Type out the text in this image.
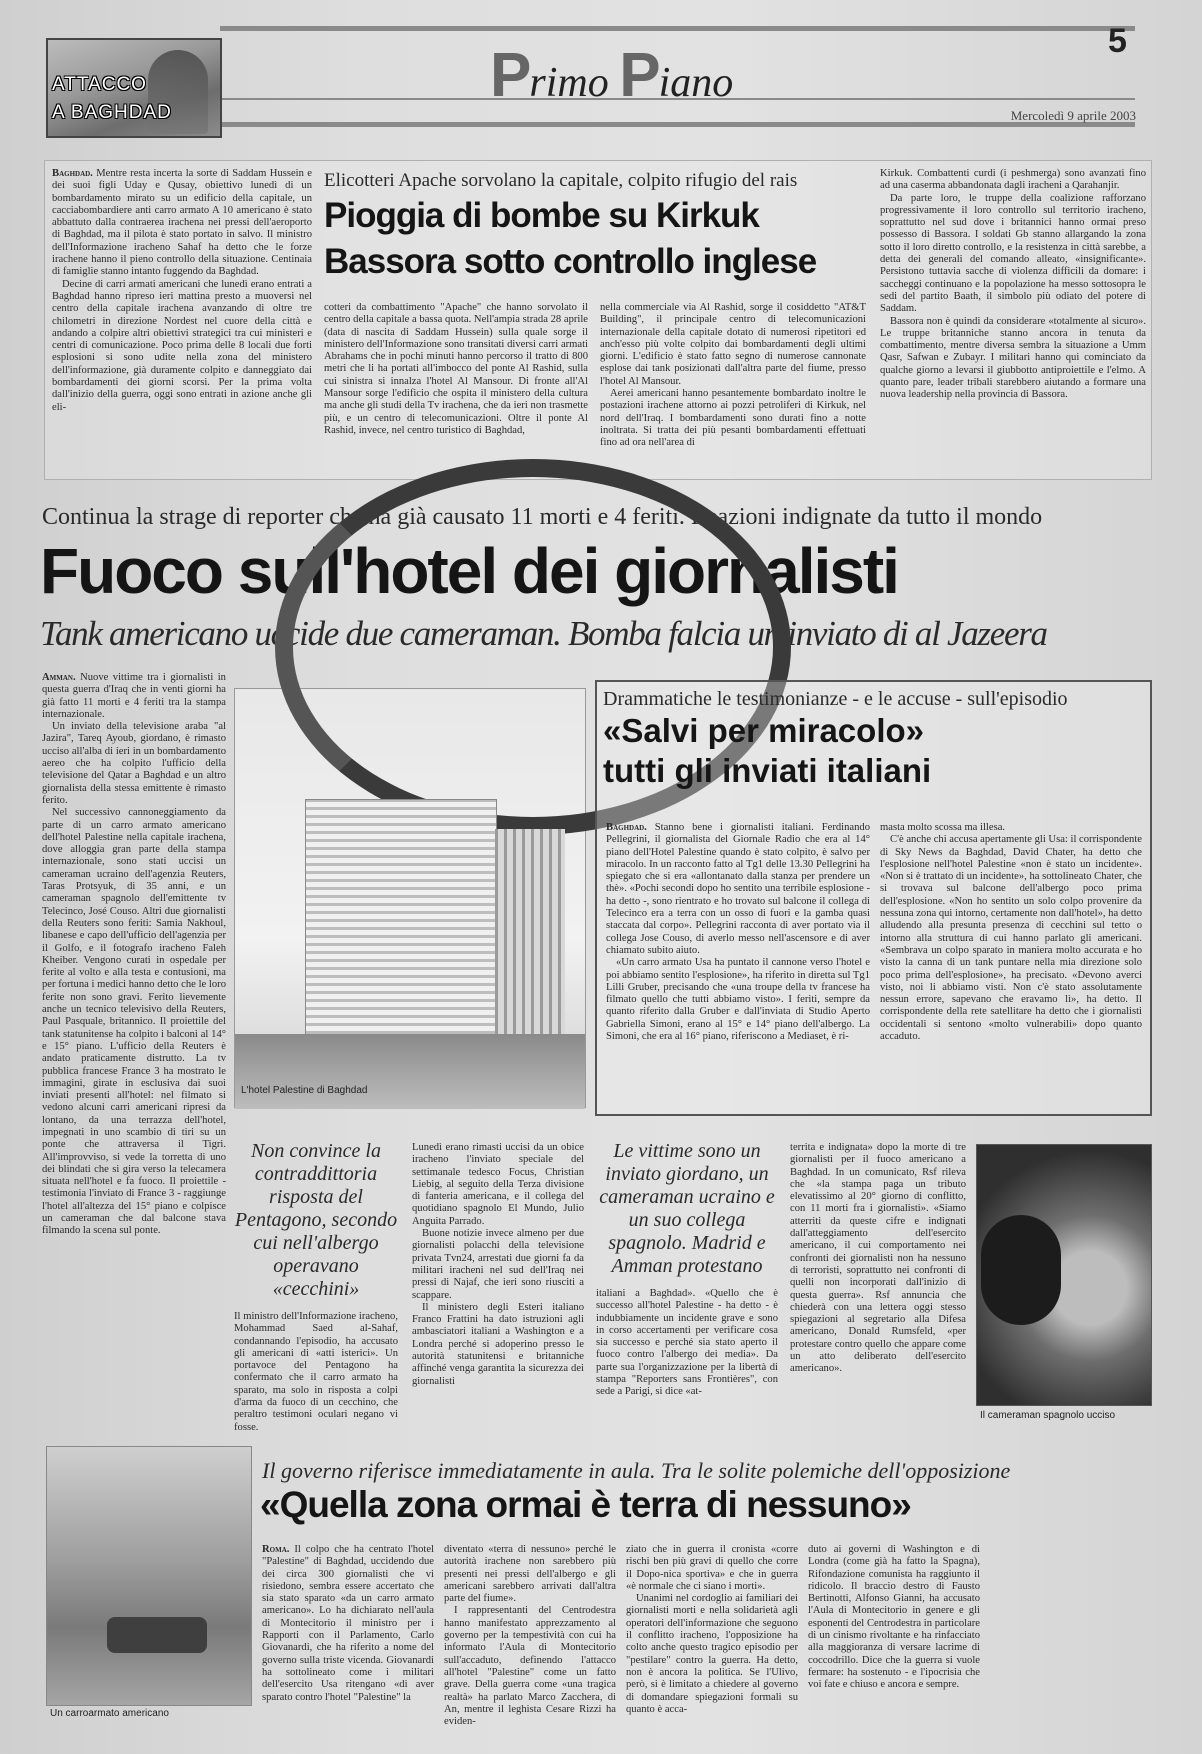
ATTACCO
A BAGHDAD
Primo Piano
5
Mercoledì 9 aprile 2003

Baghdad. Mentre resta incerta la sorte di Saddam Hussein e dei suoi figli Uday e Qusay, obiettivo lunedì di un bombardamento mirato su un edificio della capitale, un cacciabombardiere anti carro armato A 10 americano è stato abbattuto dalla contraerea irachena nei pressi dell'aeroporto di Baghdad, ma il pilota è stato portato in salvo. Il ministro dell'Informazione iracheno Sahaf ha detto che le forze irachene hanno il pieno controllo della situazione. Centinaia di famiglie stanno intanto fuggendo da Baghdad.

Decine di carri armati americani che lunedì erano entrati a Baghdad hanno ripreso ieri mattina presto a muoversi nel centro della capitale irachena avanzando di oltre tre chilometri in direzione Nordest nel cuore della città e andando a colpire altri obiettivi strategici tra cui ministeri e centri di comunicazione. Poco prima delle 8 locali due forti esplosioni si sono udite nella zona del ministero dell'informazione, già duramente colpito e danneggiato dai bombardamenti dei giorni scorsi. Per la prima volta dall'inizio della guerra, oggi sono entrati in azione anche gli eli-

Elicotteri Apache sorvolano la capitale, colpito rifugio del rais
Pioggia di bombe su Kirkuk
Bassora sotto controllo inglese

cotteri da combattimento "Apache" che hanno sorvolato il centro della capitale a bassa quota. Nell'ampia strada 28 aprile (data di nascita di Saddam Hussein) sulla quale sorge il ministero dell'Informazione sono transitati diversi carri armati Abrahams che in pochi minuti hanno percorso il tratto di 800 metri che li ha portati all'imbocco del ponte Al Rashid, sulla cui sinistra si innalza l'hotel Al Mansour. Di fronte all'Al Mansour sorge l'edificio che ospita il ministero della cultura ma anche gli studi della Tv irachena, che da ieri non trasmette più, e un centro di telecomunicazioni. Oltre il ponte Al Rashid, invece, nel centro turistico di Baghdad,

nella commerciale via Al Rashid, sorge il cosiddetto "AT&T Building", il principale centro di telecomunicazioni internazionale della capitale dotato di numerosi ripetitori ed anch'esso più volte colpito dai bombardamenti degli ultimi giorni. L'edificio è stato fatto segno di numerose cannonate esplose dai tank posizionati dall'altra parte del fiume, presso l'hotel Al Mansour.

Aerei americani hanno pesantemente bombardato inoltre le postazioni irachene attorno ai pozzi petroliferi di Kirkuk, nel nord dell'Iraq. I bombardamenti sono durati fino a notte inoltrata. Si tratta dei più pesanti bombardamenti effettuati fino ad ora nell'area di

Kirkuk. Combattenti curdi (i peshmerga) sono avanzati fino ad una caserma abbandonata dagli iracheni a Qarahanjir.

Da parte loro, le truppe della coalizione rafforzano progressivamente il loro controllo sul territorio iracheno, soprattutto nel sud dove i britannici hanno ormai preso possesso di Bassora. I soldati Gb stanno allargando la zona sotto il loro diretto controllo, e la resistenza in città sarebbe, a detta dei generali del comando alleato, «insignificante». Persistono tuttavia sacche di violenza difficili da domare: i saccheggi continuano e la popolazione ha messo sottosopra le sedi del partito Baath, il simbolo più odiato del potere di Saddam.

Bassora non è quindi da considerare «totalmente al sicuro». Le truppe britanniche stanno ancora in tenuta da combattimento, mentre diversa sembra la situazione a Umm Qasr, Safwan e Zubayr. I militari hanno qui cominciato da qualche giorno a levarsi il giubbotto antiproiettile e l'elmo. A quanto pare, leader tribali starebbero aiutando a formare una nuova leadership nella provincia di Bassora.

Continua la strage di reporter che ha già causato 11 morti e 4 feriti. Reazioni indignate da tutto il mondo
Fuoco sull'hotel dei giornalisti
Tank americano uccide due cameraman. Bomba falcia un inviato di al Jazeera

Amman. Nuove vittime tra i giornalisti in questa guerra d'Iraq che in venti giorni ha già fatto 11 morti e 4 feriti tra la stampa internazionale.

Un inviato della televisione araba "al Jazira", Tareq Ayoub, giordano, è rimasto ucciso all'alba di ieri in un bombardamento aereo che ha colpito l'ufficio della televisione del Qatar a Baghdad e un altro giornalista della stessa emittente è rimasto ferito.

Nel successivo cannoneggiamento da parte di un carro armato americano dell'hotel Palestine nella capitale irachena, dove alloggia gran parte della stampa internazionale, sono stati uccisi un cameraman ucraino dell'agenzia Reuters, Taras Protsyuk, di 35 anni, e un cameraman spagnolo dell'emittente tv Telecinco, José Couso. Altri due giornalisti della Reuters sono feriti: Samia Nakhoul, libanese e capo dell'ufficio dell'agenzia per il Golfo, e il fotografo iracheno Faleh Kheiber. Vengono curati in ospedale per ferite al volto e alla testa e contusioni, ma per fortuna i medici hanno detto che le loro ferite non sono gravi. Ferito lievemente anche un tecnico televisivo della Reuters, Paul Pasquale, britannico. Il proiettile del tank statunitense ha colpito i balconi al 14° e 15° piano. L'ufficio della Reuters è andato praticamente distrutto. La tv pubblica francese France 3 ha mostrato le immagini, girate in esclusiva dai suoi inviati presenti all'hotel: nel filmato si vedono alcuni carri americani ripresi da lontano, da una terrazza dell'hotel, impegnati in uno scambio di tiri su un ponte che attraversa il Tigri. All'improvviso, si vede la torretta di uno dei blindati che si gira verso la telecamera situata nell'hotel e fa fuoco. Il proiettile - testimonia l'inviato di France 3 - raggiunge l'hotel all'altezza del 15° piano e colpisce un cameraman che dal balcone stava filmando la scena sul ponte.

L'hotel Palestine di Baghdad
Drammatiche le testimonianze - e le accuse - sull'episodio
«Salvi per miracolo»
tutti gli inviati italiani

Baghdad. Stanno bene i giornalisti italiani. Ferdinando Pellegrini, il giornalista del Giornale Radio che era al 14° piano dell'Hotel Palestine quando è stato colpito, è salvo per miracolo. In un racconto fatto al Tg1 delle 13.30 Pellegrini ha spiegato che si era «allontanato dalla stanza per prendere un thè». «Pochi secondi dopo ho sentito una terribile esplosione - ha detto -, sono rientrato e ho trovato sul balcone il collega di Telecinco era a terra con un osso di fuori e la gamba quasi staccata dal corpo». Pellegrini racconta di aver portato via il collega Jose Couso, di averlo messo nell'ascensore e di aver chiamato subito aiuto.

«Un carro armato Usa ha puntato il cannone verso l'hotel e poi abbiamo sentito l'esplosione», ha riferito in diretta sul Tg1 Lilli Gruber, precisando che «una troupe della tv francese ha filmato quello che tutti abbiamo visto». I feriti, sempre da quanto riferito dalla Gruber e dall'inviata di Studio Aperto Gabriella Simoni, erano al 15° e 14° piano dell'albergo. La Simoni, che era al 16° piano, riferiscono a Mediaset, è ri-

masta molto scossa ma illesa.

C'è anche chi accusa apertamente gli Usa: il corrispondente di Sky News da Baghdad, David Chater, ha detto che l'esplosione nell'hotel Palestine «non è stato un incidente». «Non si è trattato di un incidente», ha sottolineato Chater, che si trovava sul balcone dell'albergo poco prima dell'esplosione. «Non ho sentito un solo colpo provenire da nessuna zona qui intorno, certamente non dall'hotel», ha detto alludendo alla presunta presenza di cecchini sul tetto o intorno alla struttura di cui hanno parlato gli americani. «Sembrava un colpo sparato in maniera molto accurata e ho visto la canna di un tank puntare nella mia direzione solo poco prima dell'esplosione», ha precisato. «Devono averci visto, noi li abbiamo visti. Non c'è stato assolutamente nessun errore, sapevano che eravamo lì», ha detto. Il corrispondente della rete satellitare ha detto che i giornalisti occidentali si sentono «molto vulnerabili» dopo quanto accaduto.

Non convince la contraddittoria risposta del Pentagono, secondo cui nell'albergo operavano «cecchini»

Il ministro dell'Informazione iracheno, Mohammad Saed al-Sahaf, condannando l'episodio, ha accusato gli americani di «atti isterici». Un portavoce del Pentagono ha confermato che il carro armato ha sparato, ma solo in risposta a colpi d'arma da fuoco di un cecchino, che peraltro testimoni oculari negano vi fosse.

Lunedì erano rimasti uccisi da un obice iracheno l'inviato speciale del settimanale tedesco Focus, Christian Liebig, al seguito della Terza divisione di fanteria americana, e il collega del quotidiano spagnolo El Mundo, Julio Anguita Parrado.

Buone notizie invece almeno per due giornalisti polacchi della televisione privata Tvn24, arrestati due giorni fa da militari iracheni nel sud dell'Iraq nei pressi di Najaf, che ieri sono riusciti a scappare.

Il ministero degli Esteri italiano Franco Frattini ha dato istruzioni agli ambasciatori italiani a Washington e a Londra perché si adoperino presso le autorità statunitensi e britanniche affinché venga garantita la sicurezza dei giornalisti

Le vittime sono un inviato giordano, un cameraman ucraino e un suo collega spagnolo. Madrid e Amman protestano

italiani a Baghdad». «Quello che è successo all'hotel Palestine - ha detto - è indubbiamente un incidente grave e sono in corso accertamenti per verificare cosa sia successo e perché sia stato aperto il fuoco contro l'albergo dei media». Da parte sua l'organizzazione per la libertà di stampa "Reporters sans Frontières", con sede a Parigi, si dice «at-

territa e indignata» dopo la morte di tre giornalisti per il fuoco americano a Baghdad. In un comunicato, Rsf rileva che «la stampa paga un tributo elevatissimo al 20° giorno di conflitto, con 11 morti fra i giornalisti». «Siamo atterriti da queste cifre e indignati dall'atteggiamento dell'esercito americano, il cui comportamento nei confronti dei giornalisti non ha nessuno di terroristi, soprattutto nei confronti di quelli non incorporati dall'inizio di questa guerra». Rsf annuncia che chiederà con una lettera oggi stesso spiegazioni al segretario alla Difesa americano, Donald Rumsfeld, «per protestare contro quello che appare come un atto deliberato dell'esercito americano».

Il cameraman spagnolo ucciso
Un carroarmato americano
Il governo riferisce immediatamente in aula. Tra le solite polemiche dell'opposizione
«Quella zona ormai è terra di nessuno»

Roma. Il colpo che ha centrato l'hotel "Palestine" di Baghdad, uccidendo due dei circa 300 giornalisti che vi risiedono, sembra essere accertato che sia stato sparato «da un carro armato americano». Lo ha dichiarato nell'aula di Montecitorio il ministro per i Rapporti con il Parlamento, Carlo Giovanardi, che ha riferito a nome del governo sulla triste vicenda. Giovanardi ha sottolineato come i militari dell'esercito Usa ritengano «di aver sparato contro l'hotel "Palestine" la

diventato «terra di nessuno» perché le autorità irachene non sarebbero più presenti nei pressi dell'albergo e gli americani sarebbero arrivati dall'altra parte del fiume».

I rappresentanti del Centrodestra hanno manifestato apprezzamento al governo per la tempestività con cui ha informato l'Aula di Montecitorio sull'accaduto, definendo l'attacco all'hotel "Palestine" come un fatto grave. Della guerra come «una tragica realtà» ha parlato Marco Zacchera, di An, mentre il leghista Cesare Rizzi ha eviden-

ziato che in guerra il cronista «corre rischi ben più gravi di quello che corre il Dopo-nica sportiva» e che in guerra «è normale che ci siano i morti».

Unanimi nel cordoglio ai familiari dei giornalisti morti e nella solidarietà agli operatori dell'informazione che seguono il conflitto iracheno, l'opposizione ha colto anche questo tragico episodio per "pestilare" contro la guerra. Ha detto, non è ancora la politica. Se l'Ulivo, però, si è limitato a chiedere al governo di domandare spiegazioni formali su quanto è acca-

duto ai governi di Washington e di Londra (come già ha fatto la Spagna), Rifondazione comunista ha raggiunto il ridicolo. Il braccio destro di Fausto Bertinotti, Alfonso Gianni, ha accusato l'Aula di Montecitorio in genere e gli esponenti del Centrodestra in particolare di un cinismo rivoltante e ha rinfacciato alla maggioranza di versare lacrime di coccodrillo. Dice che la guerra si vuole fermare: ha sostenuto - e l'ipocrisia che voi fate e chiuso e ancora e sempre.
